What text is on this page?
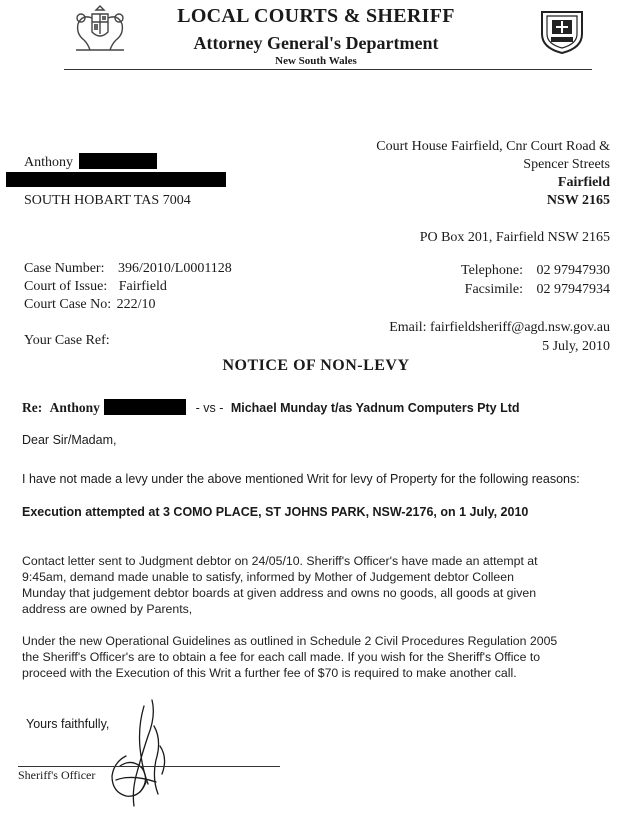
LOCAL COURTS & SHERIFF
Attorney General's Department
New South Wales
Anthony
SOUTH HOBART TAS 7004
Court House Fairfield, Cnr Court Road &
Spencer Streets
Fairfield
NSW 2165
PO Box 201, Fairfield NSW 2165
Case Number: 396/2010/L0001128
Court of Issue: Fairfield
Court Case No: 222/10
Your Case Ref:
Telephone: 02 97947930
Facsimile: 02 97947934
Email: fairfieldsheriff@agd.nsw.gov.au
5 July, 2010
NOTICE OF NON-LEVY
Re: Anthony	- vs - Michael Munday t/as Yadnum Computers Pty Ltd
Dear Sir/Madam,
I have not made a levy under the above mentioned Writ for levy of Property for the following reasons:
Execution attempted at 3 COMO PLACE, ST JOHNS PARK, NSW-2176, on 1 July, 2010
Contact letter sent to Judgment debtor on 24/05/10. Sheriff's Officer's have made an attempt at
9:45am, demand made unable to satisfy, informed by Mother of Judgement debtor Colleen
Munday that judgement debtor boards at given address and owns no goods, all goods at given
address are owned by Parents,
Under the new Operational Guidelines as outlined in Schedule 2 Civil Procedures Regulation 2005
the Sheriff's Officer's are to obtain a fee for each call made. If you wish for the Sheriff's Office to
proceed with the Execution of this Writ a further fee of $70 is required to make another call.
Yours faithfully,
Sheriff's Officer
